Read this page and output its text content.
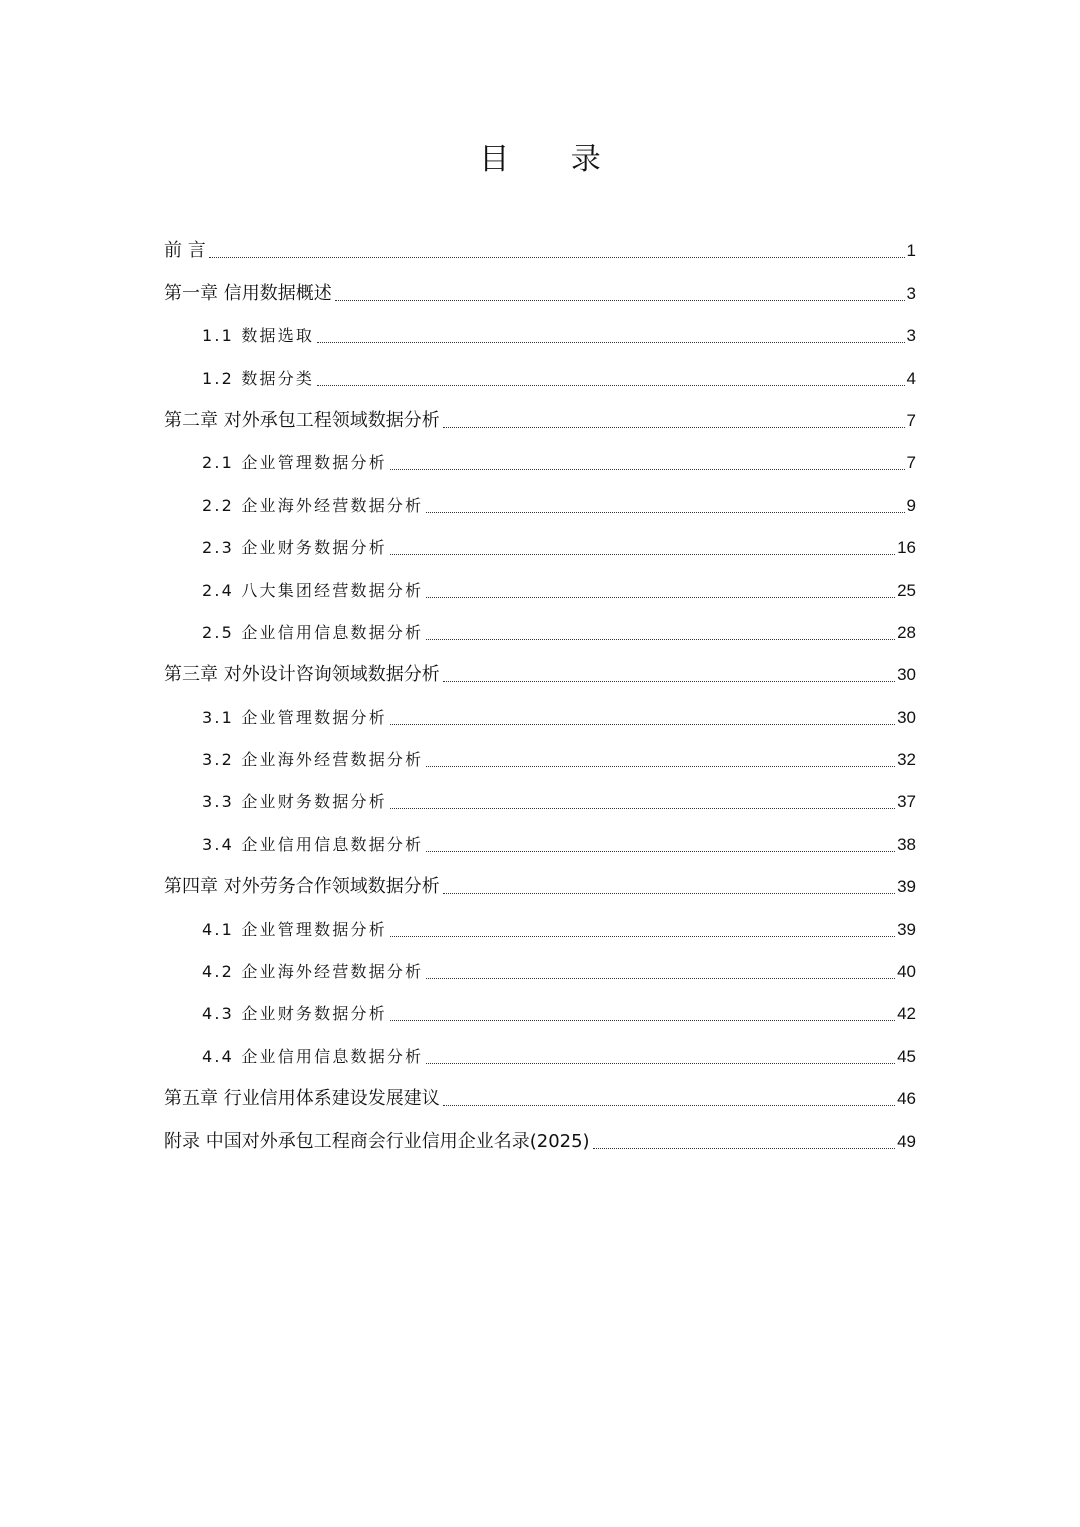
目 录
前 言	1
第一章 信用数据概述	3
1.1 数据选取	3
1.2 数据分类	4
第二章 对外承包工程领域数据分析	7
2.1 企业管理数据分析	7
2.2 企业海外经营数据分析	9
2.3 企业财务数据分析	16
2.4 八大集团经营数据分析	25
2.5 企业信用信息数据分析	28
第三章 对外设计咨询领域数据分析	30
3.1 企业管理数据分析	30
3.2 企业海外经营数据分析	32
3.3 企业财务数据分析	37
3.4 企业信用信息数据分析	38
第四章 对外劳务合作领域数据分析	39
4.1 企业管理数据分析	39
4.2 企业海外经营数据分析	40
4.3 企业财务数据分析	42
4.4 企业信用信息数据分析	45
第五章 行业信用体系建设发展建议	46
附录 中国对外承包工程商会行业信用企业名录(2025)	49
